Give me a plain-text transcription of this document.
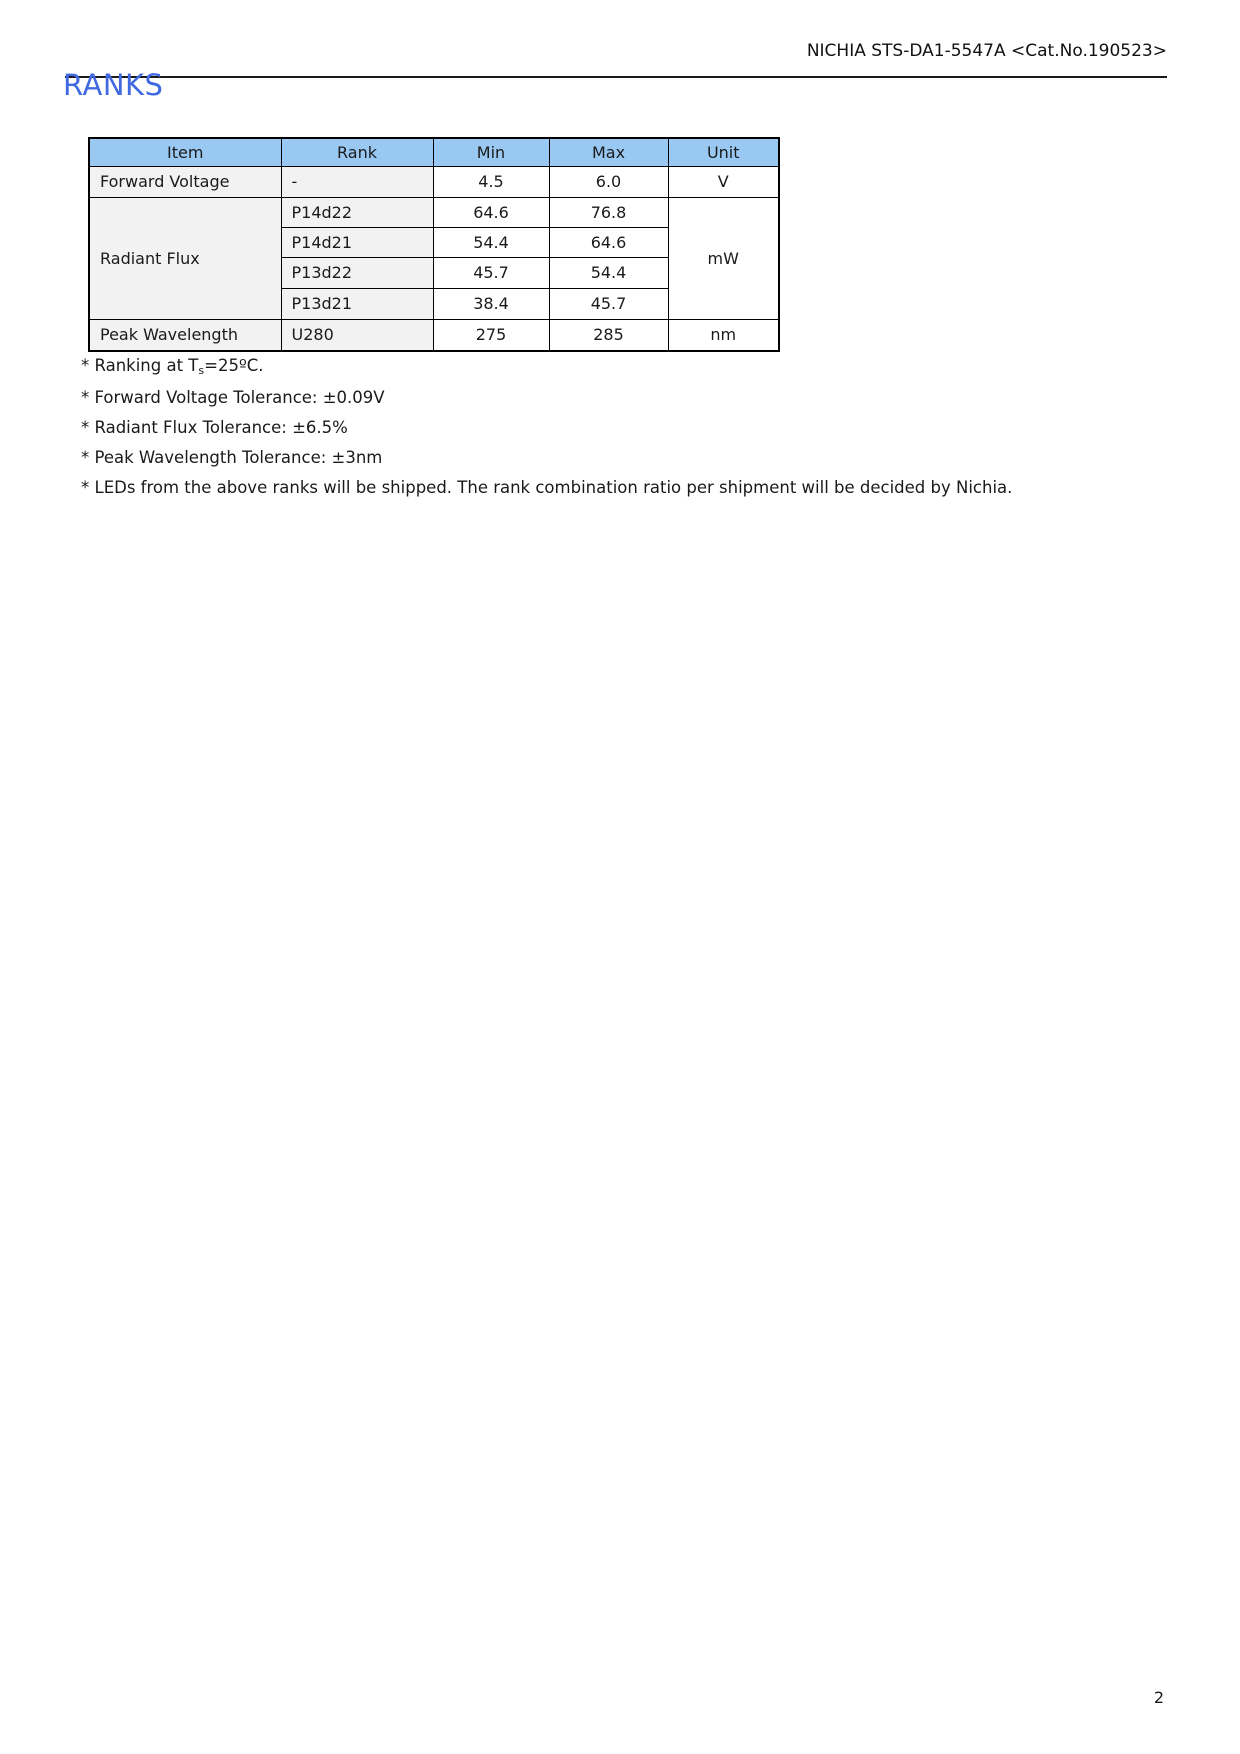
NICHIA STS-DA1-5547A <Cat.No.190523>
RANKS
Item	Rank	Min	Max	Unit
Forward Voltage	-	4.5	6.0	V
Radiant Flux	P14d22	64.6	76.8	mW
	P14d21	54.4	64.6	
	P13d22	45.7	54.4	
	P13d21	38.4	45.7	
Peak Wavelength	U280	275	285	nm

* Ranking at $T_s=25ºC$.

* Forward Voltage Tolerance: ±0.09V

* Radiant Flux Tolerance: ±6.5%

* Peak Wavelength Tolerance: ±3nm

* LEDs from the above ranks will be shipped. The rank combination ratio per shipment will be decided by Nichia.

2
